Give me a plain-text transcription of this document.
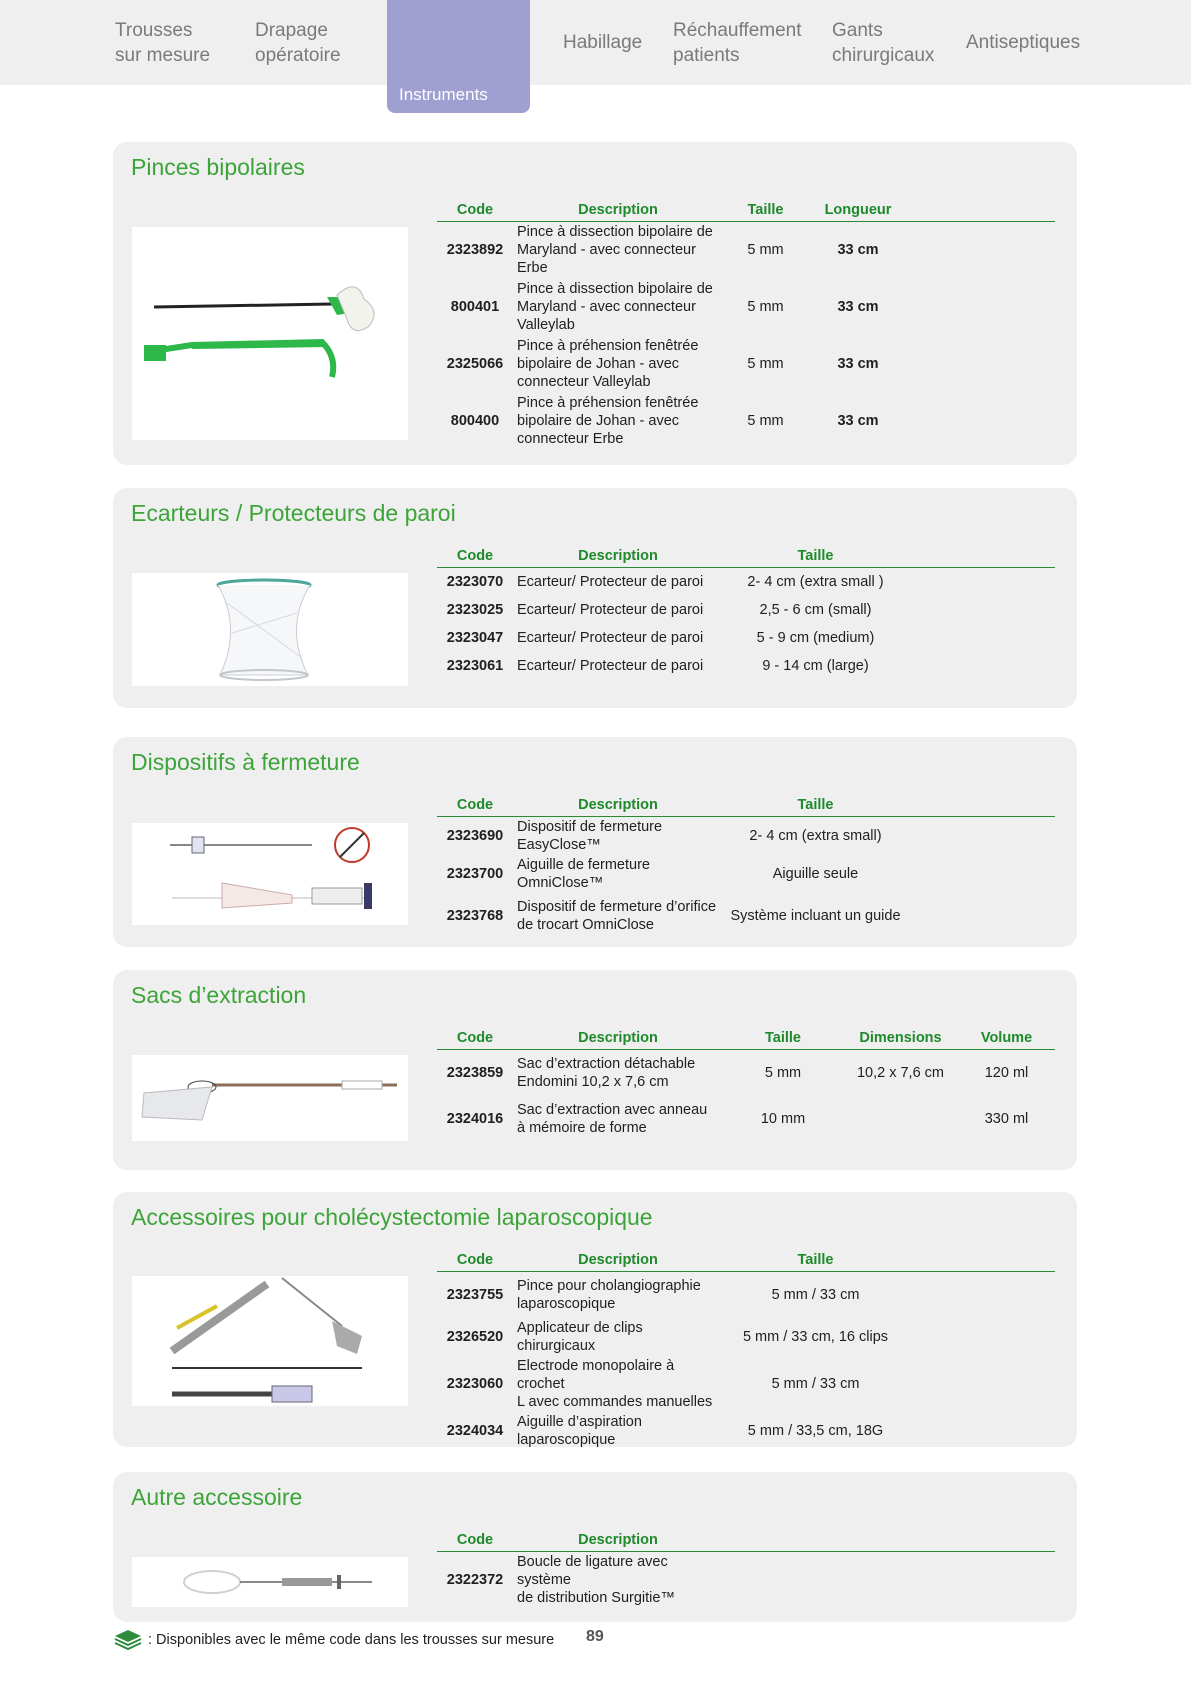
Trousses
sur mesure
Drapage
opératoire
Instruments
Habillage
Réchauffement
patients
Gants
chirurgicaux
Antiseptiques
Pinces bipolaires
Code	Description	Taille	Longueur	
2323892	Pince à dissection bipolaire de
Maryland - avec connecteur Erbe	5 mm	33 cm	
800401	Pince à dissection bipolaire de
Maryland - avec connecteur
Valleylab	5 mm	33 cm	
2325066	Pince à préhension fenêtrée
bipolaire de Johan - avec
connecteur Valleylab	5 mm	33 cm	
800400	Pince à préhension fenêtrée
bipolaire de Johan - avec
connecteur Erbe	5 mm	33 cm	
Ecarteurs / Protecteurs de paroi
Code	Description	Taille	
2323070	Ecarteur/ Protecteur de paroi	2- 4 cm (extra small )	
2323025	Ecarteur/ Protecteur de paroi	2,5 - 6 cm (small)	
2323047	Ecarteur/ Protecteur de paroi	5 - 9 cm (medium)	
2323061	Ecarteur/ Protecteur de paroi	9 - 14 cm (large)	
Dispositifs à fermeture
Code	Description	Taille	
2323690	Dispositif de fermeture EasyClose™	2- 4 cm (extra small)	
2323700	Aiguille de fermeture OmniClose™	Aiguille seule	
2323768	Dispositif de fermeture d’orifice
de trocart OmniClose	Système incluant un guide	
Sacs d’extraction
Code	Description	Taille	Dimensions	Volume
2323859	Sac d’extraction détachable
Endomini 10,2 x 7,6 cm	5 mm	10,2 x 7,6 cm	120 ml
2324016	Sac d’extraction avec anneau
à mémoire de forme	10 mm		330 ml
Accessoires pour cholécystectomie laparoscopique
Code	Description	Taille	
2323755	Pince pour cholangiographie
laparoscopique	5 mm / 33 cm	
2326520	Applicateur de clips chirurgicaux	5 mm / 33 cm, 16 clips	
2323060	Electrode monopolaire à crochet
L avec commandes manuelles	5 mm / 33 cm	
2324034	Aiguille d’aspiration laparoscopique	5 mm / 33,5 cm, 18G	
Autre accessoire
Code	Description	
2322372	Boucle de ligature avec système
de distribution Surgitie™	
: Disponibles avec le même code dans les trousses sur mesure 89
